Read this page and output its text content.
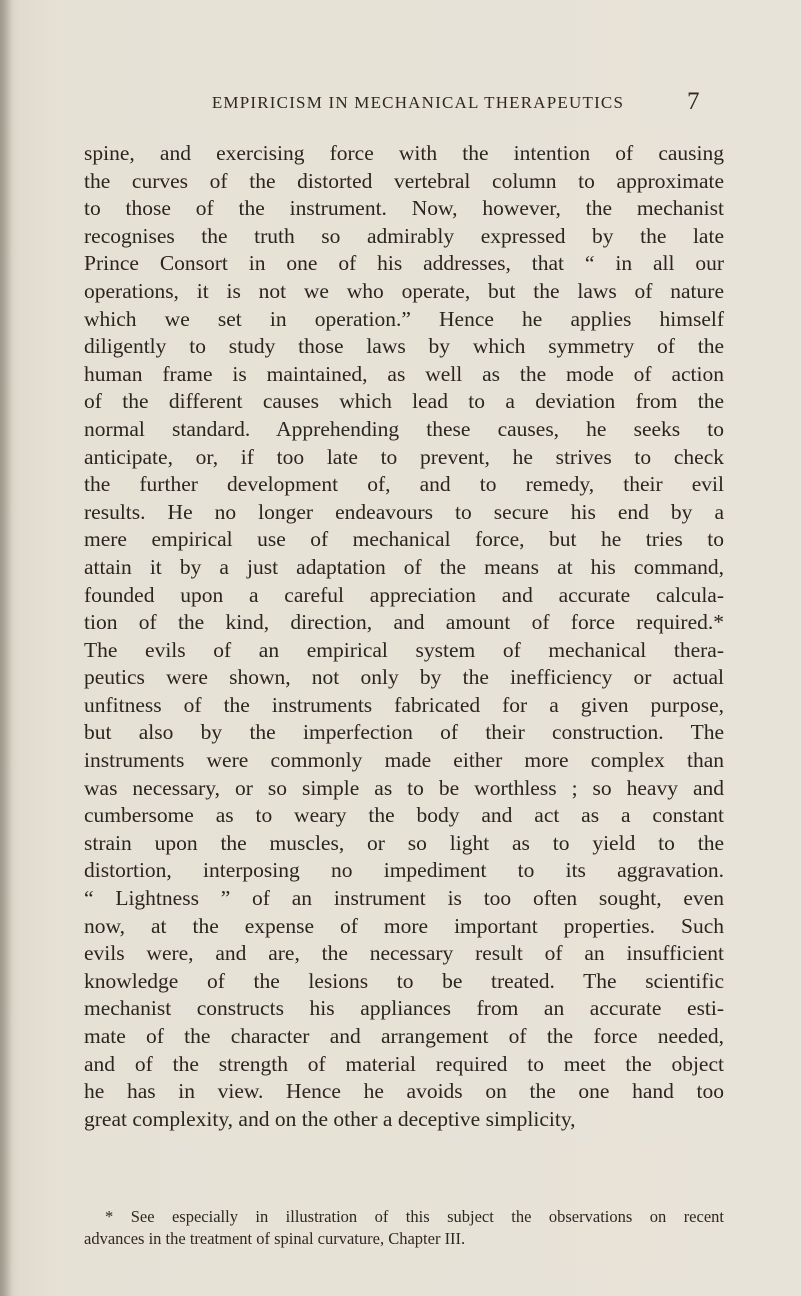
EMPIRICISM IN MECHANICAL THERAPEUTICS	7
spine, and exercising force with the intention of causing
the curves of the distorted vertebral column to approximate
to those of the instrument. Now, however, the mechanist
recognises the truth so admirably expressed by the late
Prince Consort in one of his addresses, that “ in all our
operations, it is not we who operate, but the laws of nature
which we set in operation.” Hence he applies himself
diligently to study those laws by which symmetry of the
human frame is maintained, as well as the mode of action
of the different causes which lead to a deviation from the
normal standard. Apprehending these causes, he seeks to
anticipate, or, if too late to prevent, he strives to check
the further development of, and to remedy, their evil
results. He no longer endeavours to secure his end by a
mere empirical use of mechanical force, but he tries to
attain it by a just adaptation of the means at his command,
founded upon a careful appreciation and accurate calcula-
tion of the kind, direction, and amount of force required.*
The evils of an empirical system of mechanical thera-
peutics were shown, not only by the inefficiency or actual
unfitness of the instruments fabricated for a given purpose,
but also by the imperfection of their construction. The
instruments were commonly made either more complex than
was necessary, or so simple as to be worthless ; so heavy and
cumbersome as to weary the body and act as a constant
strain upon the muscles, or so light as to yield to the
distortion, interposing no impediment to its aggravation.
“ Lightness ” of an instrument is too often sought, even
now, at the expense of more important properties. Such
evils were, and are, the necessary result of an insufficient
knowledge of the lesions to be treated. The scientific
mechanist constructs his appliances from an accurate esti-
mate of the character and arrangement of the force needed,
and of the strength of material required to meet the object
he has in view. Hence he avoids on the one hand too
great complexity, and on the other a deceptive simplicity,
* See especially in illustration of this subject the observations on recent
advances in the treatment of spinal curvature, Chapter III.
